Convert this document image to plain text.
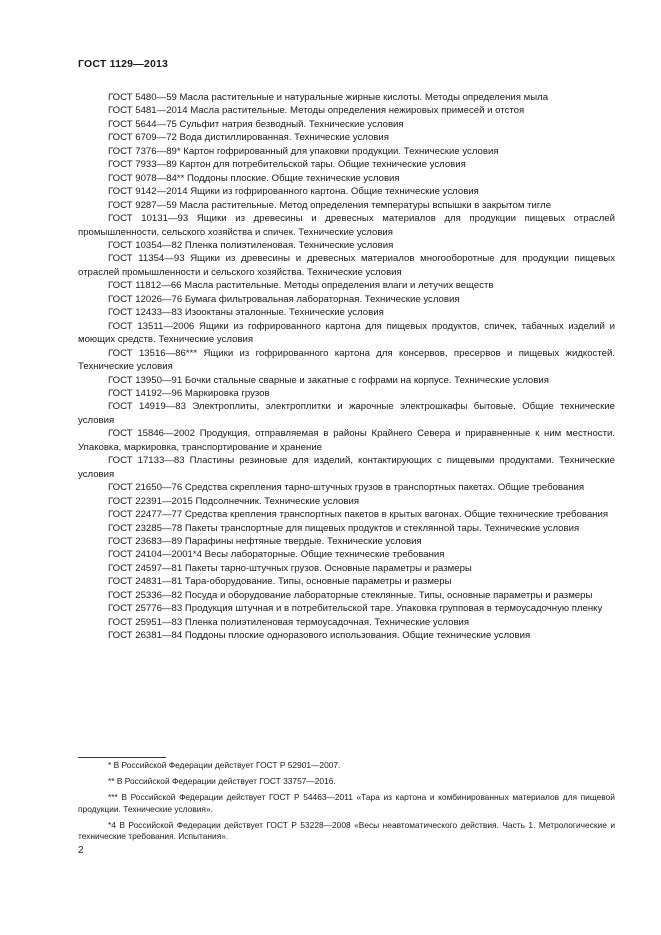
ГОСТ 1129—2013

ГОСТ 5480—59 Масла растительные и натуральные жирные кислоты. Методы определения мыла

ГОСТ 5481—2014 Масла растительные. Методы определения нежировых примесей и отстоя

ГОСТ 5644—75 Сульфит натрия безводный. Технические условия

ГОСТ 6709—72 Вода дистиллированная. Технические условия

ГОСТ 7376—89* Картон гофрированный для упаковки продукции. Технические условия

ГОСТ 7933—89 Картон для потребительской тары. Общие технические условия

ГОСТ 9078—84** Поддоны плоские. Общие технические условия

ГОСТ 9142—2014 Ящики из гофрированного картона. Общие технические условия

ГОСТ 9287—59 Масла растительные. Метод определения температуры вспышки в закрытом тигле

ГОСТ 10131—93 Ящики из древесины и древесных материалов для продукции пищевых отраслей промышленности, сельского хозяйства и спичек. Технические условия

ГОСТ 10354—82 Пленка полиэтиленовая. Технические условия

ГОСТ 11354—93 Ящики из древесины и древесных материалов многооборотные для продукции пищевых отраслей промышленности и сельского хозяйства. Технические условия

ГОСТ 11812—66 Масла растительные. Методы определения влаги и летучих веществ

ГОСТ 12026—76 Бумага фильтровальная лабораторная. Технические условия

ГОСТ 12433—83 Изооктаны эталонные. Технические условия

ГОСТ 13511—2006 Ящики из гофрированного картона для пищевых продуктов, спичек, табачных изделий и моющих средств. Технические условия

ГОСТ 13516—86*** Ящики из гофрированного картона для консервов, пресервов и пищевых жидкостей. Технические условия

ГОСТ 13950—91 Бочки стальные сварные и закатные с гофрами на корпусе. Технические условия

ГОСТ 14192—96 Маркировка грузов

ГОСТ 14919—83 Электроплиты, электроплитки и жарочные электрошкафы бытовые. Общие технические условия

ГОСТ 15846—2002 Продукция, отправляемая в районы Крайнего Севера и приравненные к ним местности. Упаковка, маркировка, транспортирование и хранение

ГОСТ 17133—83 Пластины резиновые для изделий, контактирующих с пищевыми продуктами. Технические условия

ГОСТ 21650—76 Средства скрепления тарно-штучных грузов в транспортных пакетах. Общие требования

ГОСТ 22391—2015 Подсолнечник. Технические условия

ГОСТ 22477—77 Средства крепления транспортных пакетов в крытых вагонах. Общие технические требования

ГОСТ 23285—78 Пакеты транспортные для пищевых продуктов и стеклянной тары. Технические условия

ГОСТ 23683—89 Парафины нефтяные твердые. Технические условия

ГОСТ 24104—2001*4 Весы лабораторные. Общие технические требования

ГОСТ 24597—81 Пакеты тарно-штучных грузов. Основные параметры и размеры

ГОСТ 24831—81 Тара-оборудование. Типы, основные параметры и размеры

ГОСТ 25336—82 Посуда и оборудование лабораторные стеклянные. Типы, основные параметры и размеры

ГОСТ 25776—83 Продукция штучная и в потребительской таре. Упаковка групповая в термоусадочную пленку

ГОСТ 25951—83 Пленка полиэтиленовая термоусадочная. Технические условия

ГОСТ 26381—84 Поддоны плоские одноразового использования. Общие технические условия

* В Российской Федерации действует ГОСТ Р 52901—2007.

** В Российской Федерации действует ГОСТ 33757—2016.

*** В Российской Федерации действует ГОСТ Р 54463—2011 «Тара из картона и комбинированных материалов для пищевой продукции. Технические условия».

*4 В Российской Федерации действует ГОСТ Р 53228—2008 «Весы неавтоматического действия. Часть 1. Метрологические и технические требования. Испытания».

2
